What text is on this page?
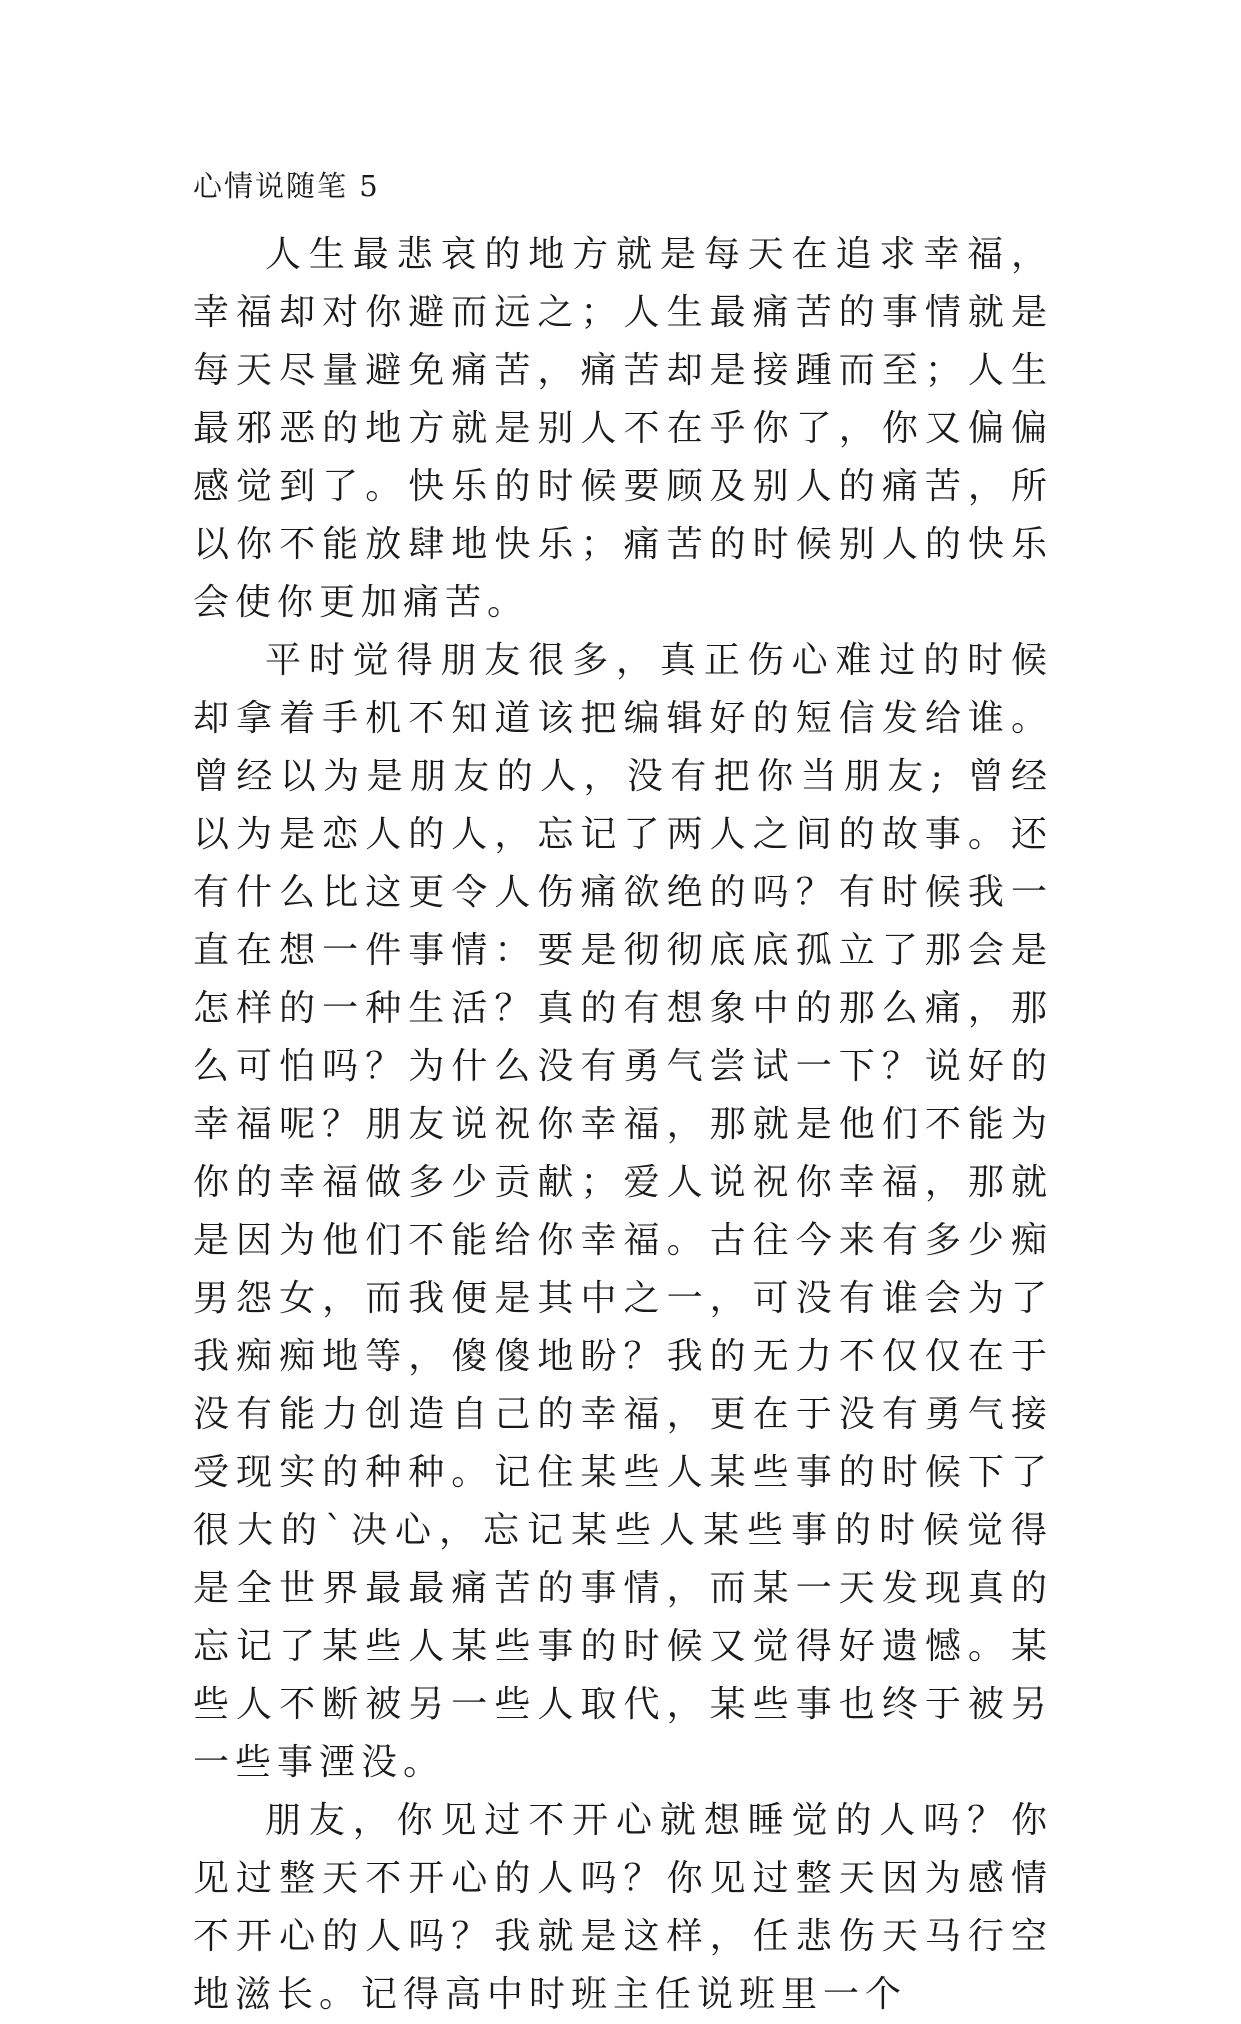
心情说随笔 5

人生最悲哀的地方就是每天在追求幸福，幸福却对你避而远之；人生最痛苦的事情就是每天尽量避免痛苦，痛苦却是接踵而至；人生最邪恶的地方就是别人不在乎你了，你又偏偏感觉到了。快乐的时候要顾及别人的痛苦，所以你不能放肆地快乐；痛苦的时候别人的快乐会使你更加痛苦。

平时觉得朋友很多，真正伤心难过的时候却拿着手机不知道该把编辑好的短信发给谁。曾经以为是朋友的人，没有把你当朋友; 曾经以为是恋人的人，忘记了两人之间的故事。还有什么比这更令人伤痛欲绝的吗？有时候我一直在想一件事情：要是彻彻底底孤立了那会是怎样的一种生活？真的有想象中的那么痛，那么可怕吗？为什么没有勇气尝试一下？说好的幸福呢？朋友说祝你幸福，那就是他们不能为你的幸福做多少贡献；爱人说祝你幸福，那就是因为他们不能给你幸福。古往今来有多少痴男怨女，而我便是其中之一，可没有谁会为了我痴痴地等，傻傻地盼？我的无力不仅仅在于没有能力创造自己的幸福，更在于没有勇气接受现实的种种。记住某些人某些事的时候下了很大的`决心，忘记某些人某些事的时候觉得是全世界最最痛苦的事情，而某一天发现真的忘记了某些人某些事的时候又觉得好遗憾。某些人不断被另一些人取代，某些事也终于被另一些事湮没。

朋友，你见过不开心就想睡觉的人吗？你见过整天不开心的人吗？你见过整天因为感情不开心的人吗？我就是这样，任悲伤天马行空地滋长。记得高中时班主任说班里一个
